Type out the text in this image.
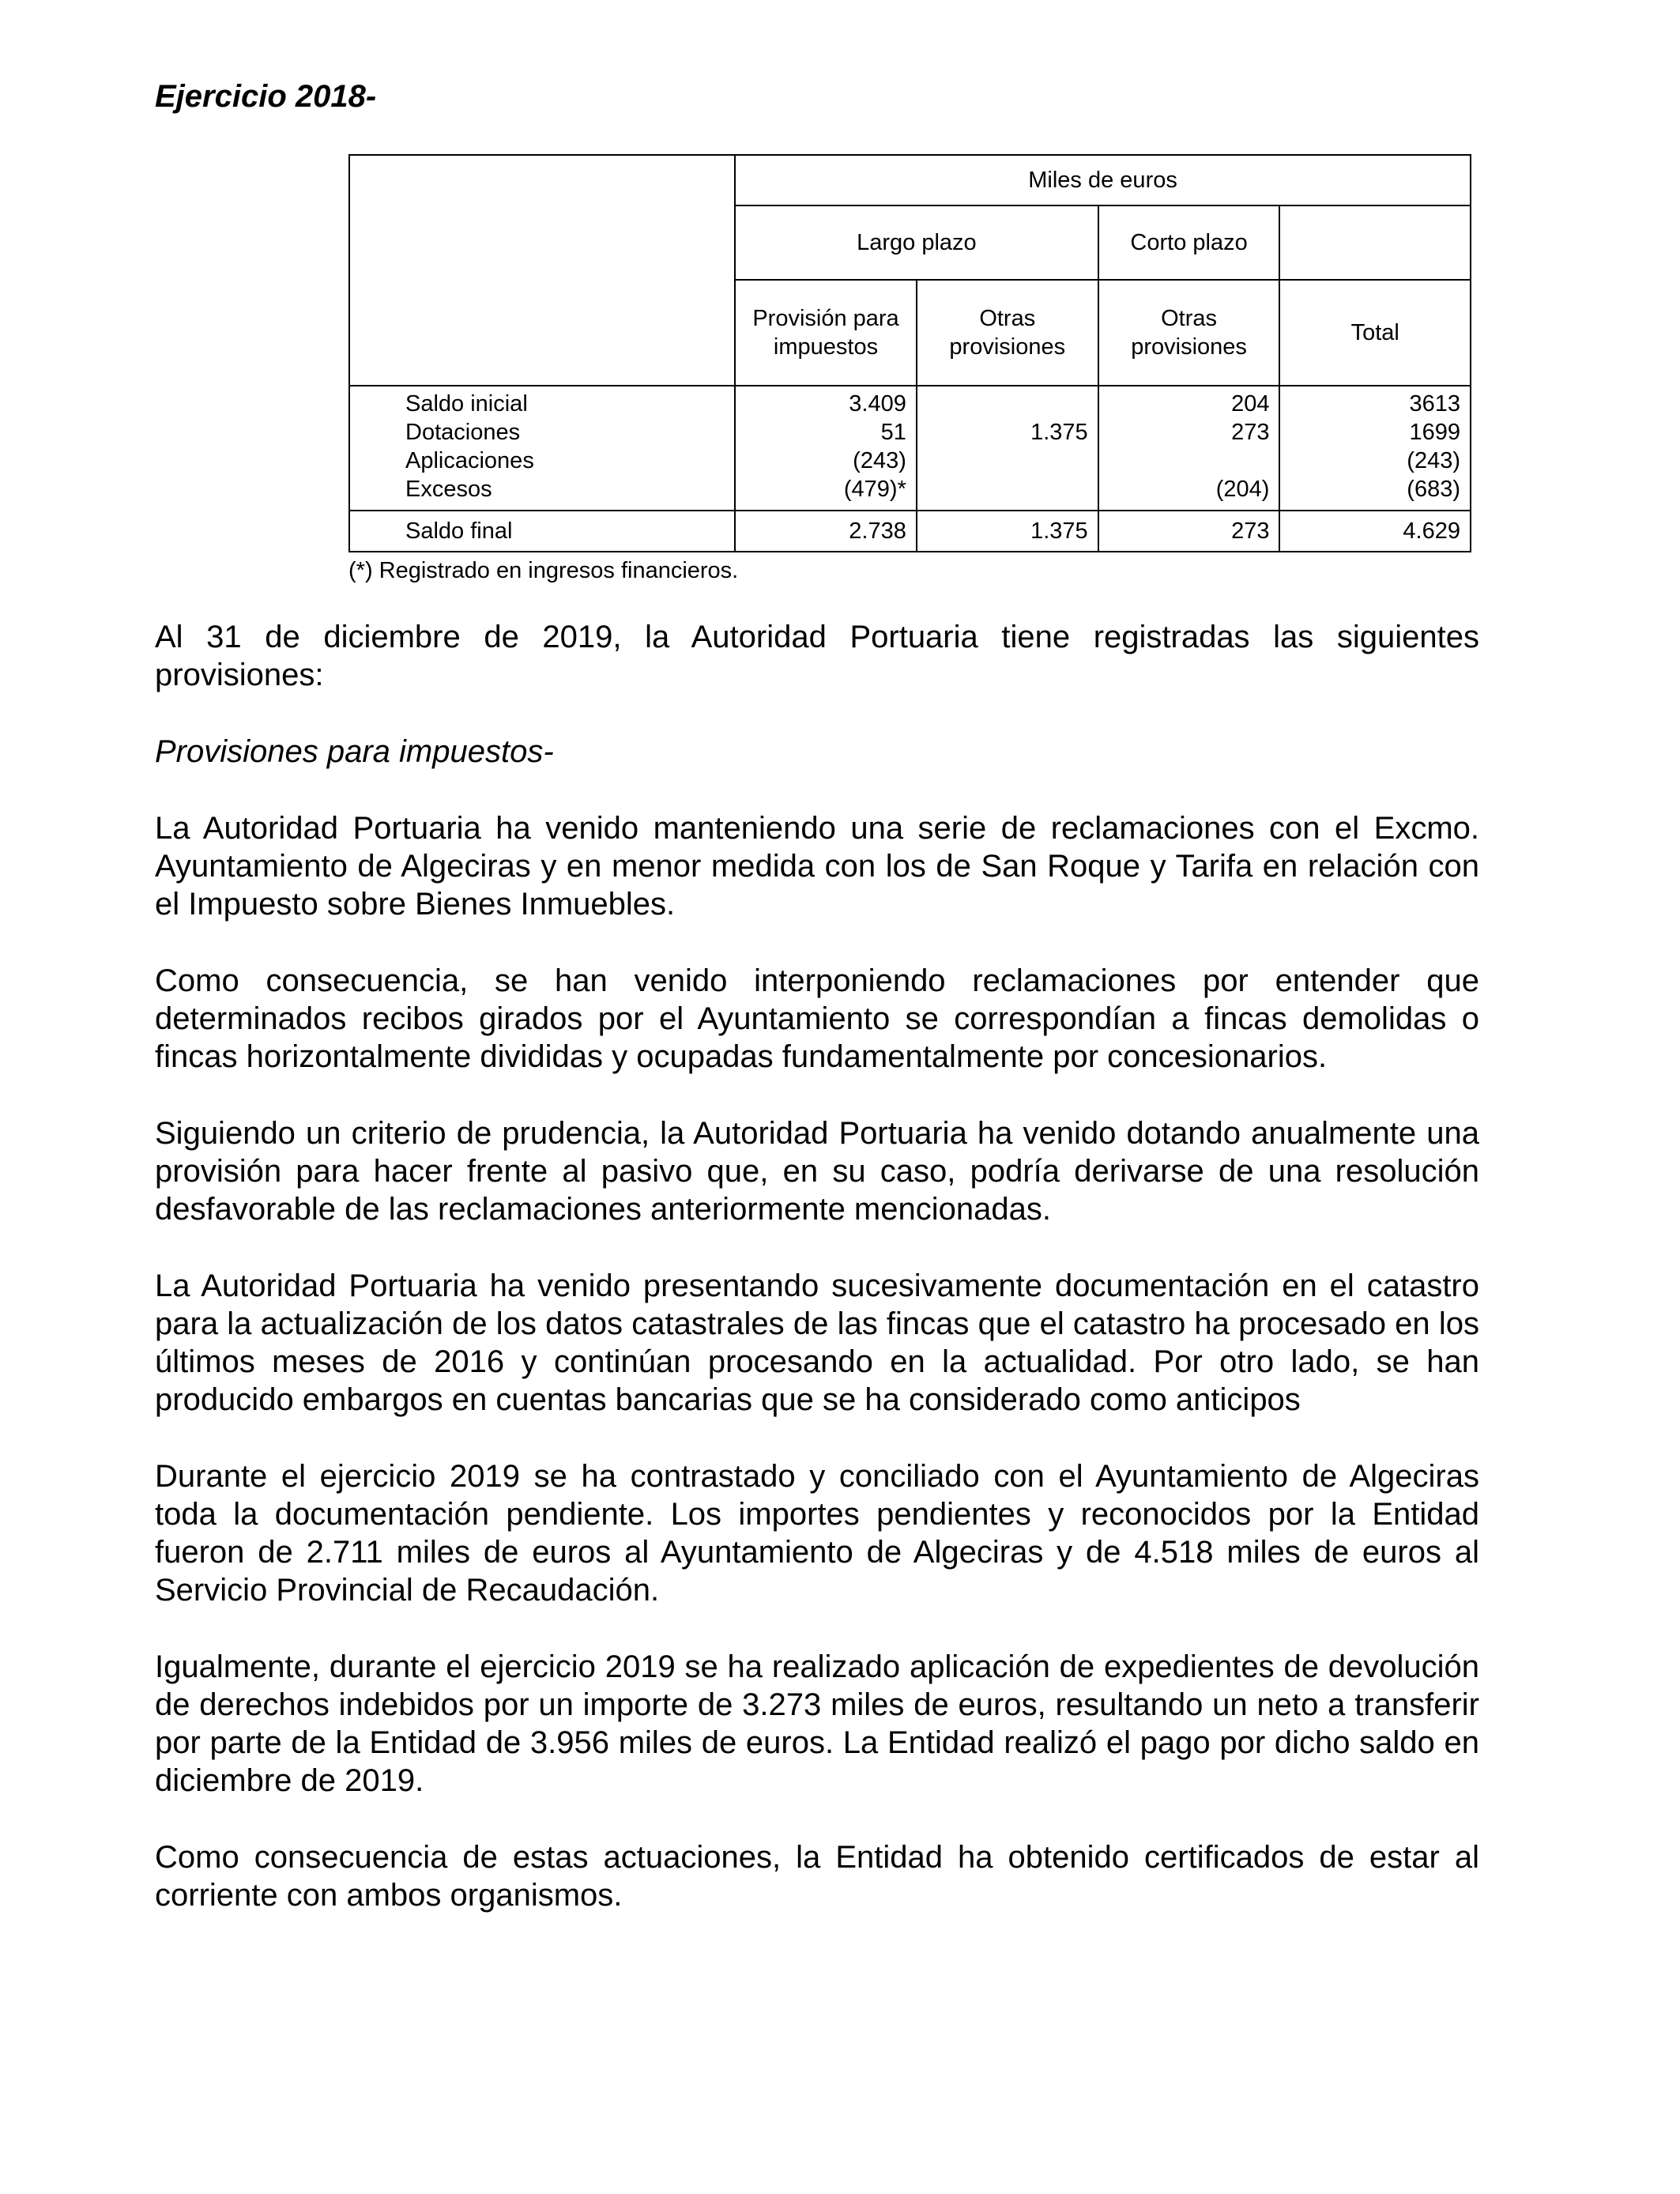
Ejercicio 2018-
	Miles de euros			
	Largo plazo		Corto plazo	
	Provisión para impuestos	Otras provisiones	Otras provisiones	Total
Saldo inicial	3.409		204	3613
Dotaciones	51	1.375	273	1699
Aplicaciones	(243)			(243)
Excesos	(479)*		(204)	(683)
Saldo final	2.738	1.375	273	4.629

(*) Registrado en ingresos financieros.

Al 31 de diciembre de 2019, la Autoridad Portuaria tiene registradas las siguientes provisiones:

Provisiones para impuestos-

La Autoridad Portuaria ha venido manteniendo una serie de reclamaciones con el Excmo. Ayuntamiento de Algeciras y en menor medida con los de San Roque y Tarifa en relación con el Impuesto sobre Bienes Inmuebles.

Como consecuencia, se han venido interponiendo reclamaciones por entender que determinados recibos girados por el Ayuntamiento se correspondían a fincas demolidas o fincas horizontalmente divididas y ocupadas fundamentalmente por concesionarios.

Siguiendo un criterio de prudencia, la Autoridad Portuaria ha venido dotando anualmente una provisión para hacer frente al pasivo que, en su caso, podría derivarse de una resolución desfavorable de las reclamaciones anteriormente mencionadas.

La Autoridad Portuaria ha venido presentando sucesivamente documentación en el catastro para la actualización de los datos catastrales de las fincas que el catastro ha procesado en los últimos meses de 2016 y continúan procesando en la actualidad. Por otro lado, se han producido embargos en cuentas bancarias que se ha considerado como anticipos

Durante el ejercicio 2019 se ha contrastado y conciliado con el Ayuntamiento de Algeciras toda la documentación pendiente. Los importes pendientes y reconocidos por la Entidad fueron de 2.711 miles de euros al Ayuntamiento de Algeciras y de 4.518 miles de euros al Servicio Provincial de Recaudación.

Igualmente, durante el ejercicio 2019 se ha realizado aplicación de expedientes de devolución de derechos indebidos por un importe de 3.273 miles de euros, resultando un neto a transferir por parte de la Entidad de 3.956 miles de euros. La Entidad realizó el pago por dicho saldo en diciembre de 2019.

Como consecuencia de estas actuaciones, la Entidad ha obtenido certificados de estar al corriente con ambos organismos.
